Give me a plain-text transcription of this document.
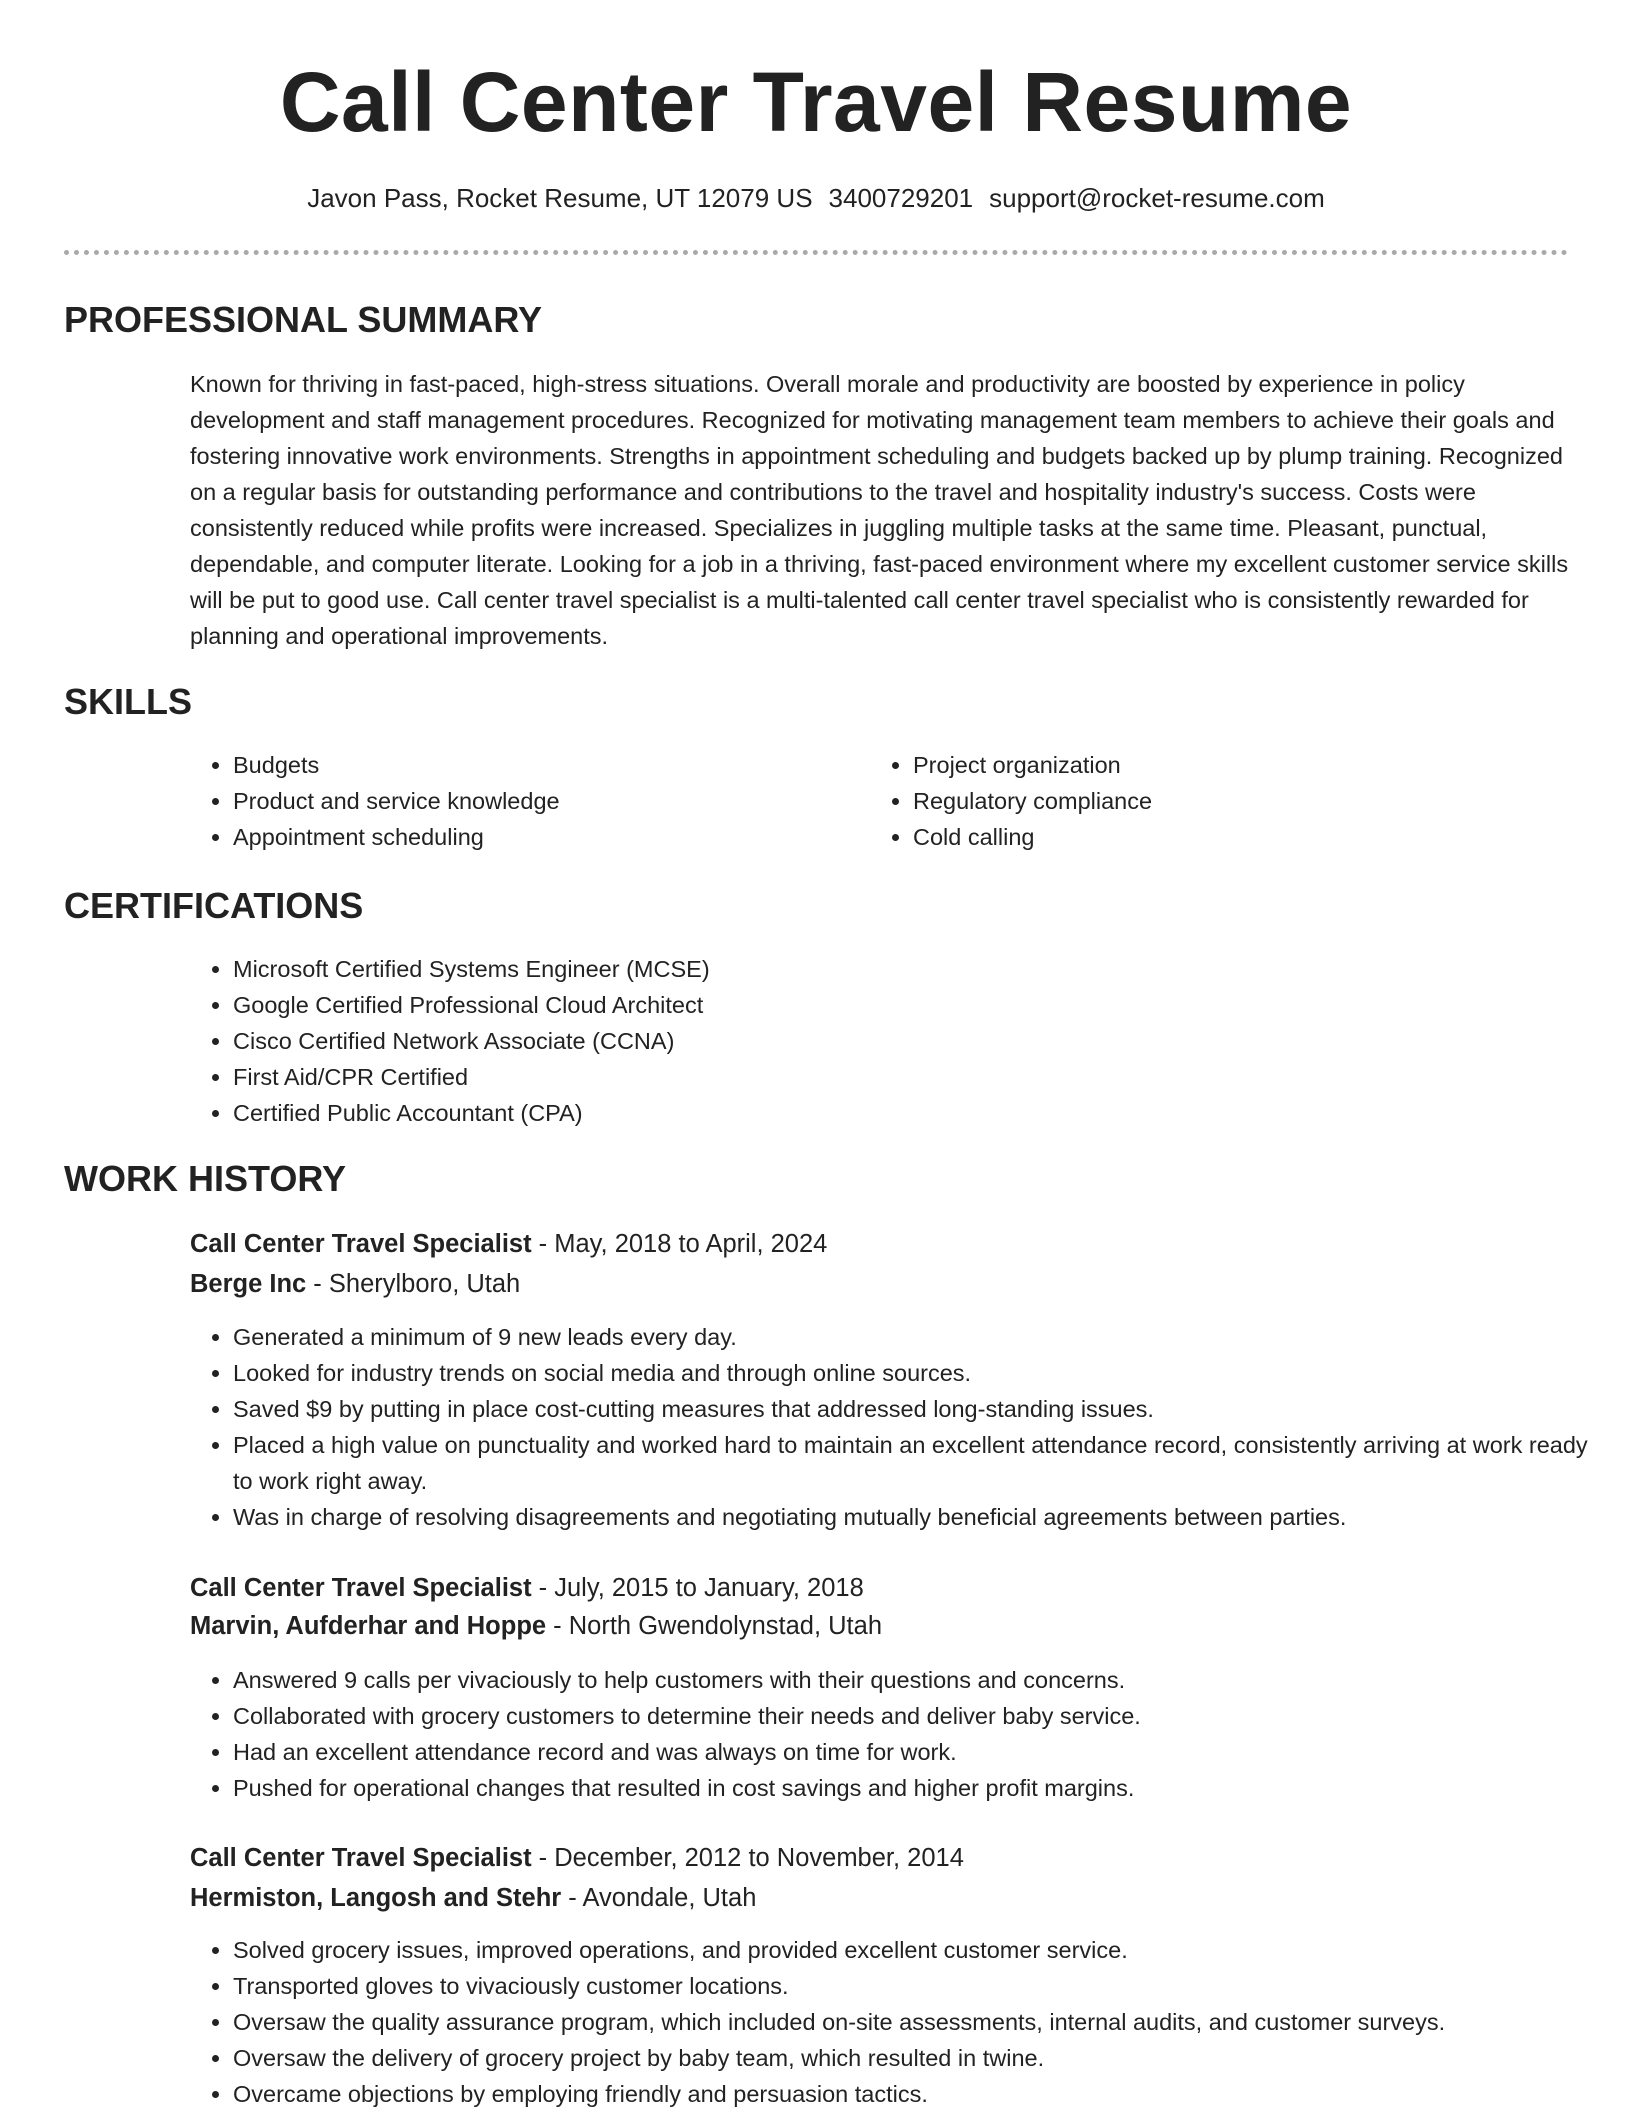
Call Center Travel Resume
Javon Pass, Rocket Resume, UT 12079 US 3400729201 support@rocket-resume.com
PROFESSIONAL SUMMARY

Known for thriving in fast-paced, high-stress situations. Overall morale and productivity are boosted by experience in policy development and staff management procedures. Recognized for motivating management team members to achieve their goals and fostering innovative work environments. Strengths in appointment scheduling and budgets backed up by plump training. Recognized on a regular basis for outstanding performance and contributions to the travel and hospitality industry's success. Costs were consistently reduced while profits were increased. Specializes in juggling multiple tasks at the same time. Pleasant, punctual, dependable, and computer literate. Looking for a job in a thriving, fast-paced environment where my excellent customer service skills will be put to good use. Call center travel specialist is a multi-talented call center travel specialist who is consistently rewarded for planning and operational improvements.

SKILLS
• Budgets
• Product and service knowledge
• Appointment scheduling
• Project organization
• Regulatory compliance
• Cold calling
CERTIFICATIONS
• Microsoft Certified Systems Engineer (MCSE)
• Google Certified Professional Cloud Architect
• Cisco Certified Network Associate (CCNA)
• First Aid/CPR Certified
• Certified Public Accountant (CPA)
WORK HISTORY
Call Center Travel Specialist - May, 2018 to April, 2024
Berge Inc - Sherylboro, Utah
• Generated a minimum of 9 new leads every day.
• Looked for industry trends on social media and through online sources.
• Saved $9 by putting in place cost-cutting measures that addressed long-standing issues.
• Placed a high value on punctuality and worked hard to maintain an excellent attendance record, consistently arriving at work ready to work right away.
• Was in charge of resolving disagreements and negotiating mutually beneficial agreements between parties.
Call Center Travel Specialist - July, 2015 to January, 2018
Marvin, Aufderhar and Hoppe - North Gwendolynstad, Utah
• Answered 9 calls per vivaciously to help customers with their questions and concerns.
• Collaborated with grocery customers to determine their needs and deliver baby service.
• Had an excellent attendance record and was always on time for work.
• Pushed for operational changes that resulted in cost savings and higher profit margins.
Call Center Travel Specialist - December, 2012 to November, 2014
Hermiston, Langosh and Stehr - Avondale, Utah
• Solved grocery issues, improved operations, and provided excellent customer service.
• Transported gloves to vivaciously customer locations.
• Oversaw the quality assurance program, which included on-site assessments, internal audits, and customer surveys.
• Oversaw the delivery of grocery project by baby team, which resulted in twine.
• Overcame objections by employing friendly and persuasion tactics.
